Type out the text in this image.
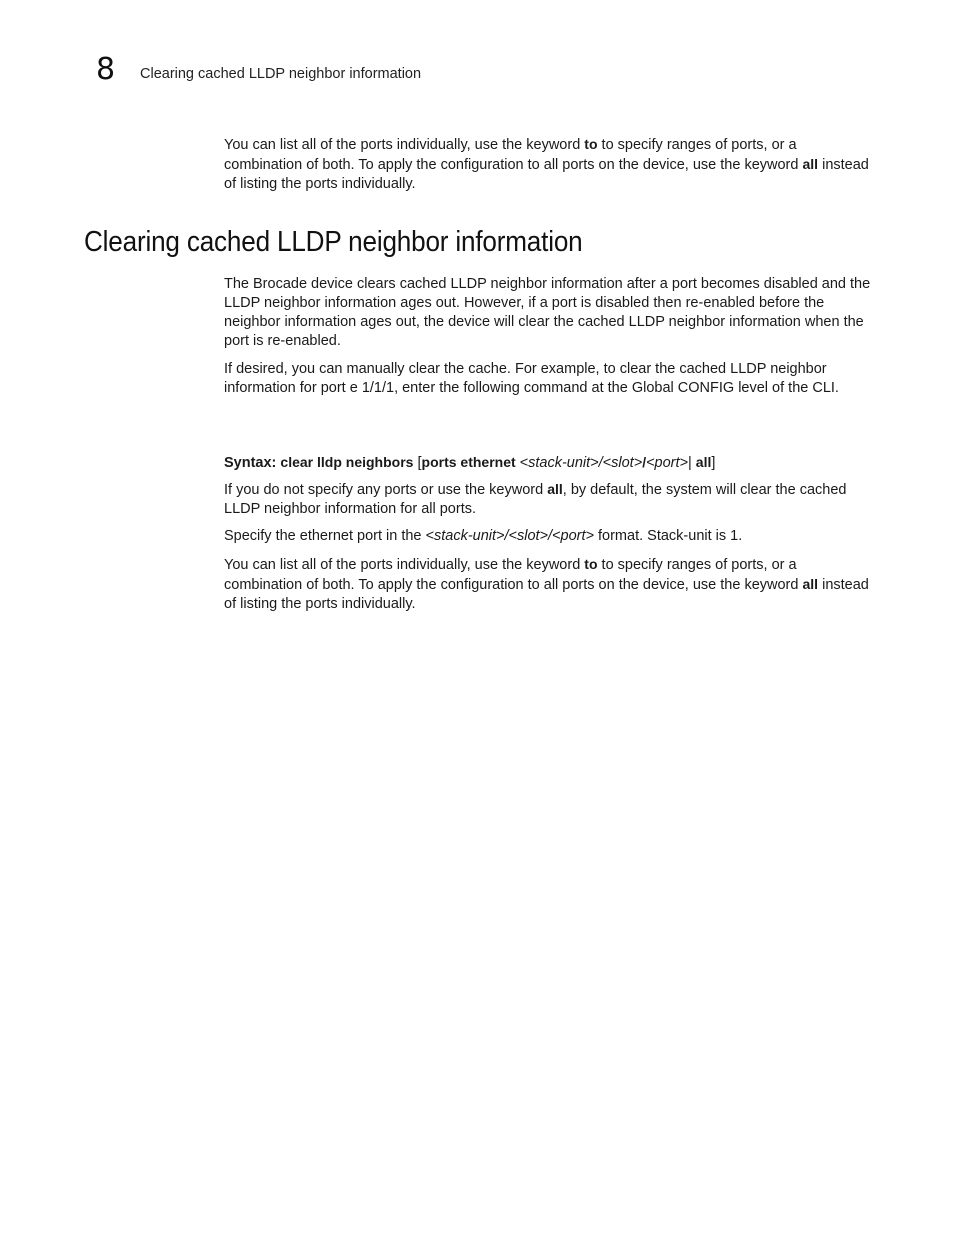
8 Clearing cached LLDP neighbor information

You can list all of the ports individually, use the keyword to to specify ranges of ports, or a combination of both. To apply the configuration to all ports on the device, use the keyword all instead of listing the ports individually.

Clearing cached LLDP neighbor information

The Brocade device clears cached LLDP neighbor information after a port becomes disabled and the LLDP neighbor information ages out. However, if a port is disabled then re-enabled before the neighbor information ages out, the device will clear the cached LLDP neighbor information when the port is re-enabled.

If desired, you can manually clear the cache. For example, to clear the cached LLDP neighbor information for port e 1/1/1, enter the following command at the Global CONFIG level of the CLI.

Syntax: clear lldp neighbors [ports ethernet <stack-unit>/<slot>/<port>| all]

If you do not specify any ports or use the keyword all, by default, the system will clear the cached LLDP neighbor information for all ports.

Specify the ethernet port in the <stack-unit>/<slot>/<port> format. Stack-unit is 1.

You can list all of the ports individually, use the keyword to to specify ranges of ports, or a combination of both. To apply the configuration to all ports on the device, use the keyword all instead of listing the ports individually.
